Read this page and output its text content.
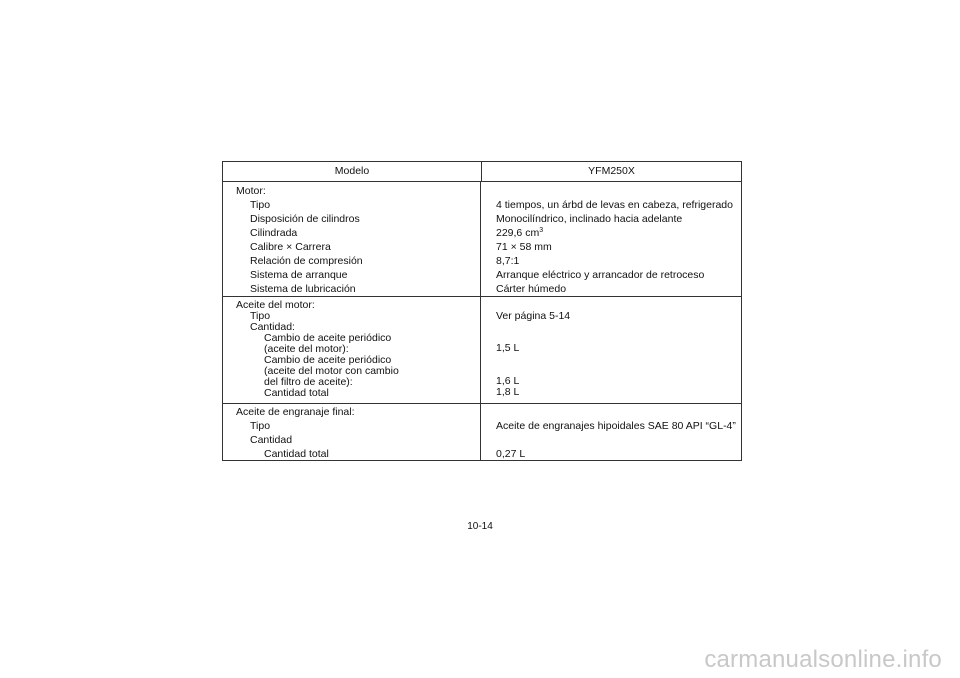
Modelo	YFM250X
Motor:
Tipo	4 tiempos, un árbd de levas en cabeza, refrigerado
Disposición de cilindros	Monocilíndrico, inclinado hacia adelante
Cilindrada	229,6 $cm^3$
Calibre × Carrera	71 × 58 mm
Relación de compresión	8,7:1
Sistema de arranque	Arranque eléctrico y arrancador de retroceso
Sistema de lubricación	Cárter húmedo
Aceite del motor:
Tipo	Ver página 5-14
Cantidad:
Cambio de aceite periódico
(aceite del motor):	1,5 L
Cambio de aceite periódico
(aceite del motor con cambio
del filtro de aceite):	1,6 L
Cantidad total	1,8 L
Aceite de engranaje final:
Tipo	Aceite de engranajes hipoidales SAE 80 API “GL-4”
Cantidad
Cantidad total	0,27 L
10-14
carmanualsonline.info
